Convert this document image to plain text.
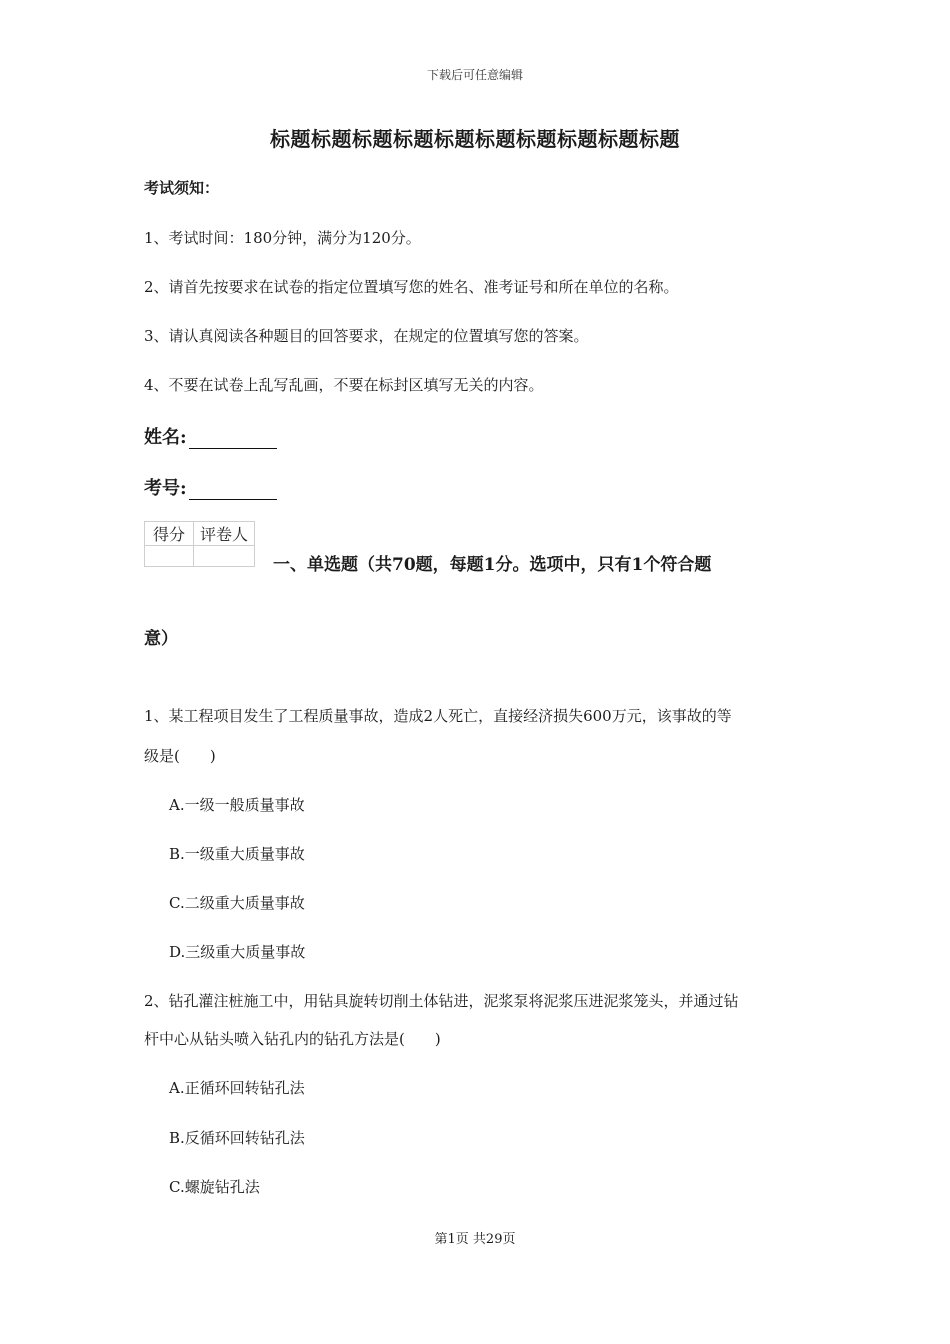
下载后可任意编辑
标题标题标题标题标题标题标题标题标题标题
考试须知：
1、考试时间：180分钟，满分为120分。
2、请首先按要求在试卷的指定位置填写您的姓名、准考证号和所在单位的名称。
3、请认真阅读各种题目的回答要求，在规定的位置填写您的答案。
4、不要在试卷上乱写乱画，不要在标封区填写无关的内容。
姓名:
考号:
得分	评卷人

一、单选题（共70题，每题1分。选项中，只有1个符合题
意）
1、某工程项目发生了工程质量事故，造成2人死亡，直接经济损失600万元，该事故的等
级是(　　)
A.一级一般质量事故
B.一级重大质量事故
C.二级重大质量事故
D.三级重大质量事故
2、钻孔灌注桩施工中，用钻具旋转切削土体钻进，泥浆泵将泥浆压进泥浆笼头，并通过钻
杆中心从钻头喷入钻孔内的钻孔方法是(　　)
A.正循环回转钻孔法
B.反循环回转钻孔法
C.螺旋钻孔法
第1页 共29页
